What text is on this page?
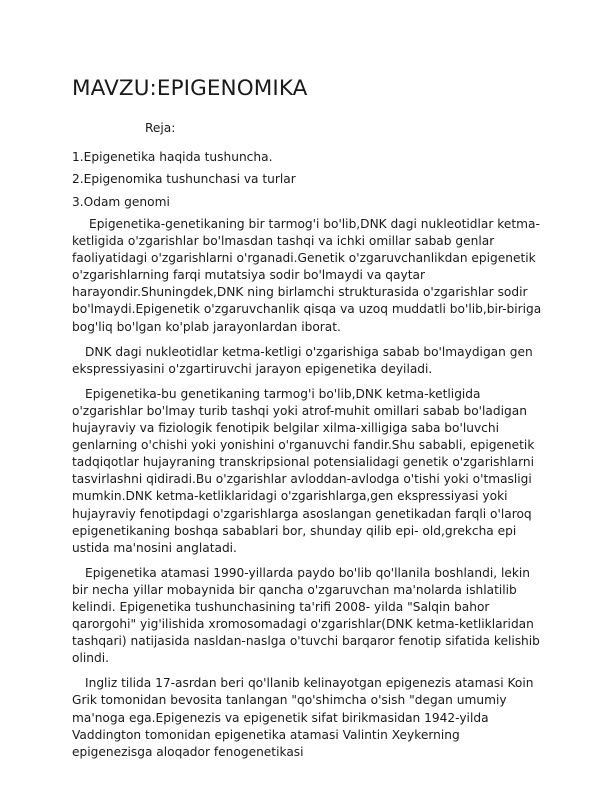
MAVZU:EPIGENOMIKA
Reja:
1.Epigenetika haqida tushuncha.
2.Epigenomika tushunchasi va turlar
3.Odam genomi

Epigenetika-genetikaning bir tarmog'i bo'lib,DNK dagi nukleotidlar ketma-ketligida o'zgarishlar bo'lmasdan tashqi va ichki omillar sabab genlar faoliyatidagi o'zgarishlarni o'rganadi.Genetik o'zgaruvchanlikdan epigenetik o'zgarishlarning farqi mutatsiya sodir bo'lmaydi va qaytar harayondir.Shuningdek,DNK ning birlamchi strukturasida o'zgarishlar sodir bo'lmaydi.Epigenetik o'zgaruvchanlik qisqa va uzoq muddatli bo'lib,bir-biriga bog'liq bo'lgan ko'plab jarayonlardan iborat.

DNK dagi nukleotidlar ketma-ketligi o'zgarishiga sabab bo'lmaydigan gen ekspressiyasini o'zgartiruvchi jarayon epigenetika deyiladi.

Epigenetika-bu genetikaning tarmog'i bo'lib,DNK ketma-ketligida o'zgarishlar bo'lmay turib tashqi yoki atrof-muhit omillari sabab bo'ladigan hujayraviy va fiziologik fenotipik belgilar xilma-xilligiga saba bo'luvchi genlarning o'chishi yoki yonishini o'rganuvchi fandir.Shu sababli, epigenetik tadqiqotlar hujayraning transkripsional potensialidagi genetik o'zgarishlarni tasvirlashni qidiradi.Bu o'zgarishlar avloddan-avlodga o'tishi yoki o'tmasligi mumkin.DNK ketma-ketliklaridagi o'zgarishlarga,gen ekspressiyasi yoki hujayraviy fenotipdagi o'zgarishlarga asoslangan genetikadan farqli o'laroq epigenetikaning boshqa sabablari bor, shunday qilib epi- old,grekcha epi ustida ma'nosini anglatadi.

Epigenetika atamasi 1990-yillarda paydo bo'lib qo'llanila boshlandi, lekin bir necha yillar mobaynida bir qancha o'zgaruvchan ma'nolarda ishlatilib kelindi. Epigenetika tushunchasining ta'rifi 2008- yilda "Salqin bahor qarorgohi" yig'ilishida xromosomadagi o'zgarishlar(DNK ketma-ketliklaridan tashqari) natijasida nasldan-naslga o'tuvchi barqaror fenotip sifatida kelishib olindi.

Ingliz tilida 17-asrdan beri qo'llanib kelinayotgan epigenezis atamasi Koin Grik tomonidan bevosita tanlangan "qo'shimcha o'sish "degan umumiy ma'noga ega.Epigenezis va epigenetik sifat birikmasidan 1942-yilda Vaddington tomonidan epigenetika atamasi Valintin Xeykerning epigenezisga aloqador fenogenetikasi
